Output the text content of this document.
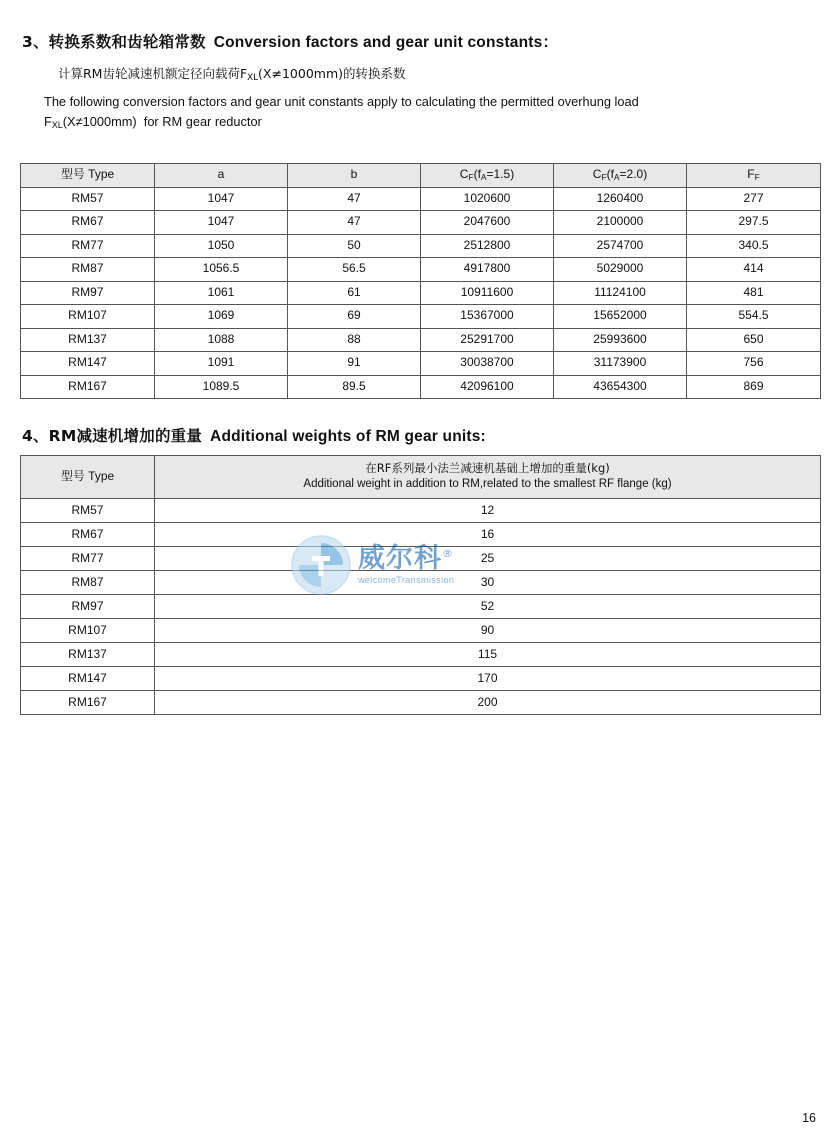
3、转换系数和齿轮箱常数 Conversion factors and gear unit constants：
计算RM齿轮减速机额定径向载荷$F_{XL}(X\ne 1000mm)$的转换系数
The following conversion factors and gear unit constants apply to calculating the permitted overhung load
$F_{XL}(X\ne 1000mm)$  for RM gear reductor
型号 Type	a	b	$C_F(f_A=1.5)$	$C_F(f_A=2.0)$	$F_F$
RM57	1047	47	1020600	1260400	277
RM67	1047	47	2047600	2100000	297.5
RM77	1050	50	2512800	2574700	340.5
RM87	1056.5	56.5	4917800	5029000	414
RM97	1061	61	10911600	11124100	481
RM107	1069	69	15367000	15652000	554.5
RM137	1088	88	25291700	25993600	650
RM147	1091	91	30038700	31173900	756
RM167	1089.5	89.5	42096100	43654300	869
4、RM减速机增加的重量 Additional weights of RM gear units:
型号 Type	在RF系列最小法兰减速机基础上增加的重量(kg)
Additional weight in addition to RM,related to the smallest RF flange (kg)

RM57	12
RM67	16
RM77	25
RM87	30
RM97	52
RM107	90
RM137	115
RM147	170
RM167	200
威尔科®
welcomeTransmission
16
